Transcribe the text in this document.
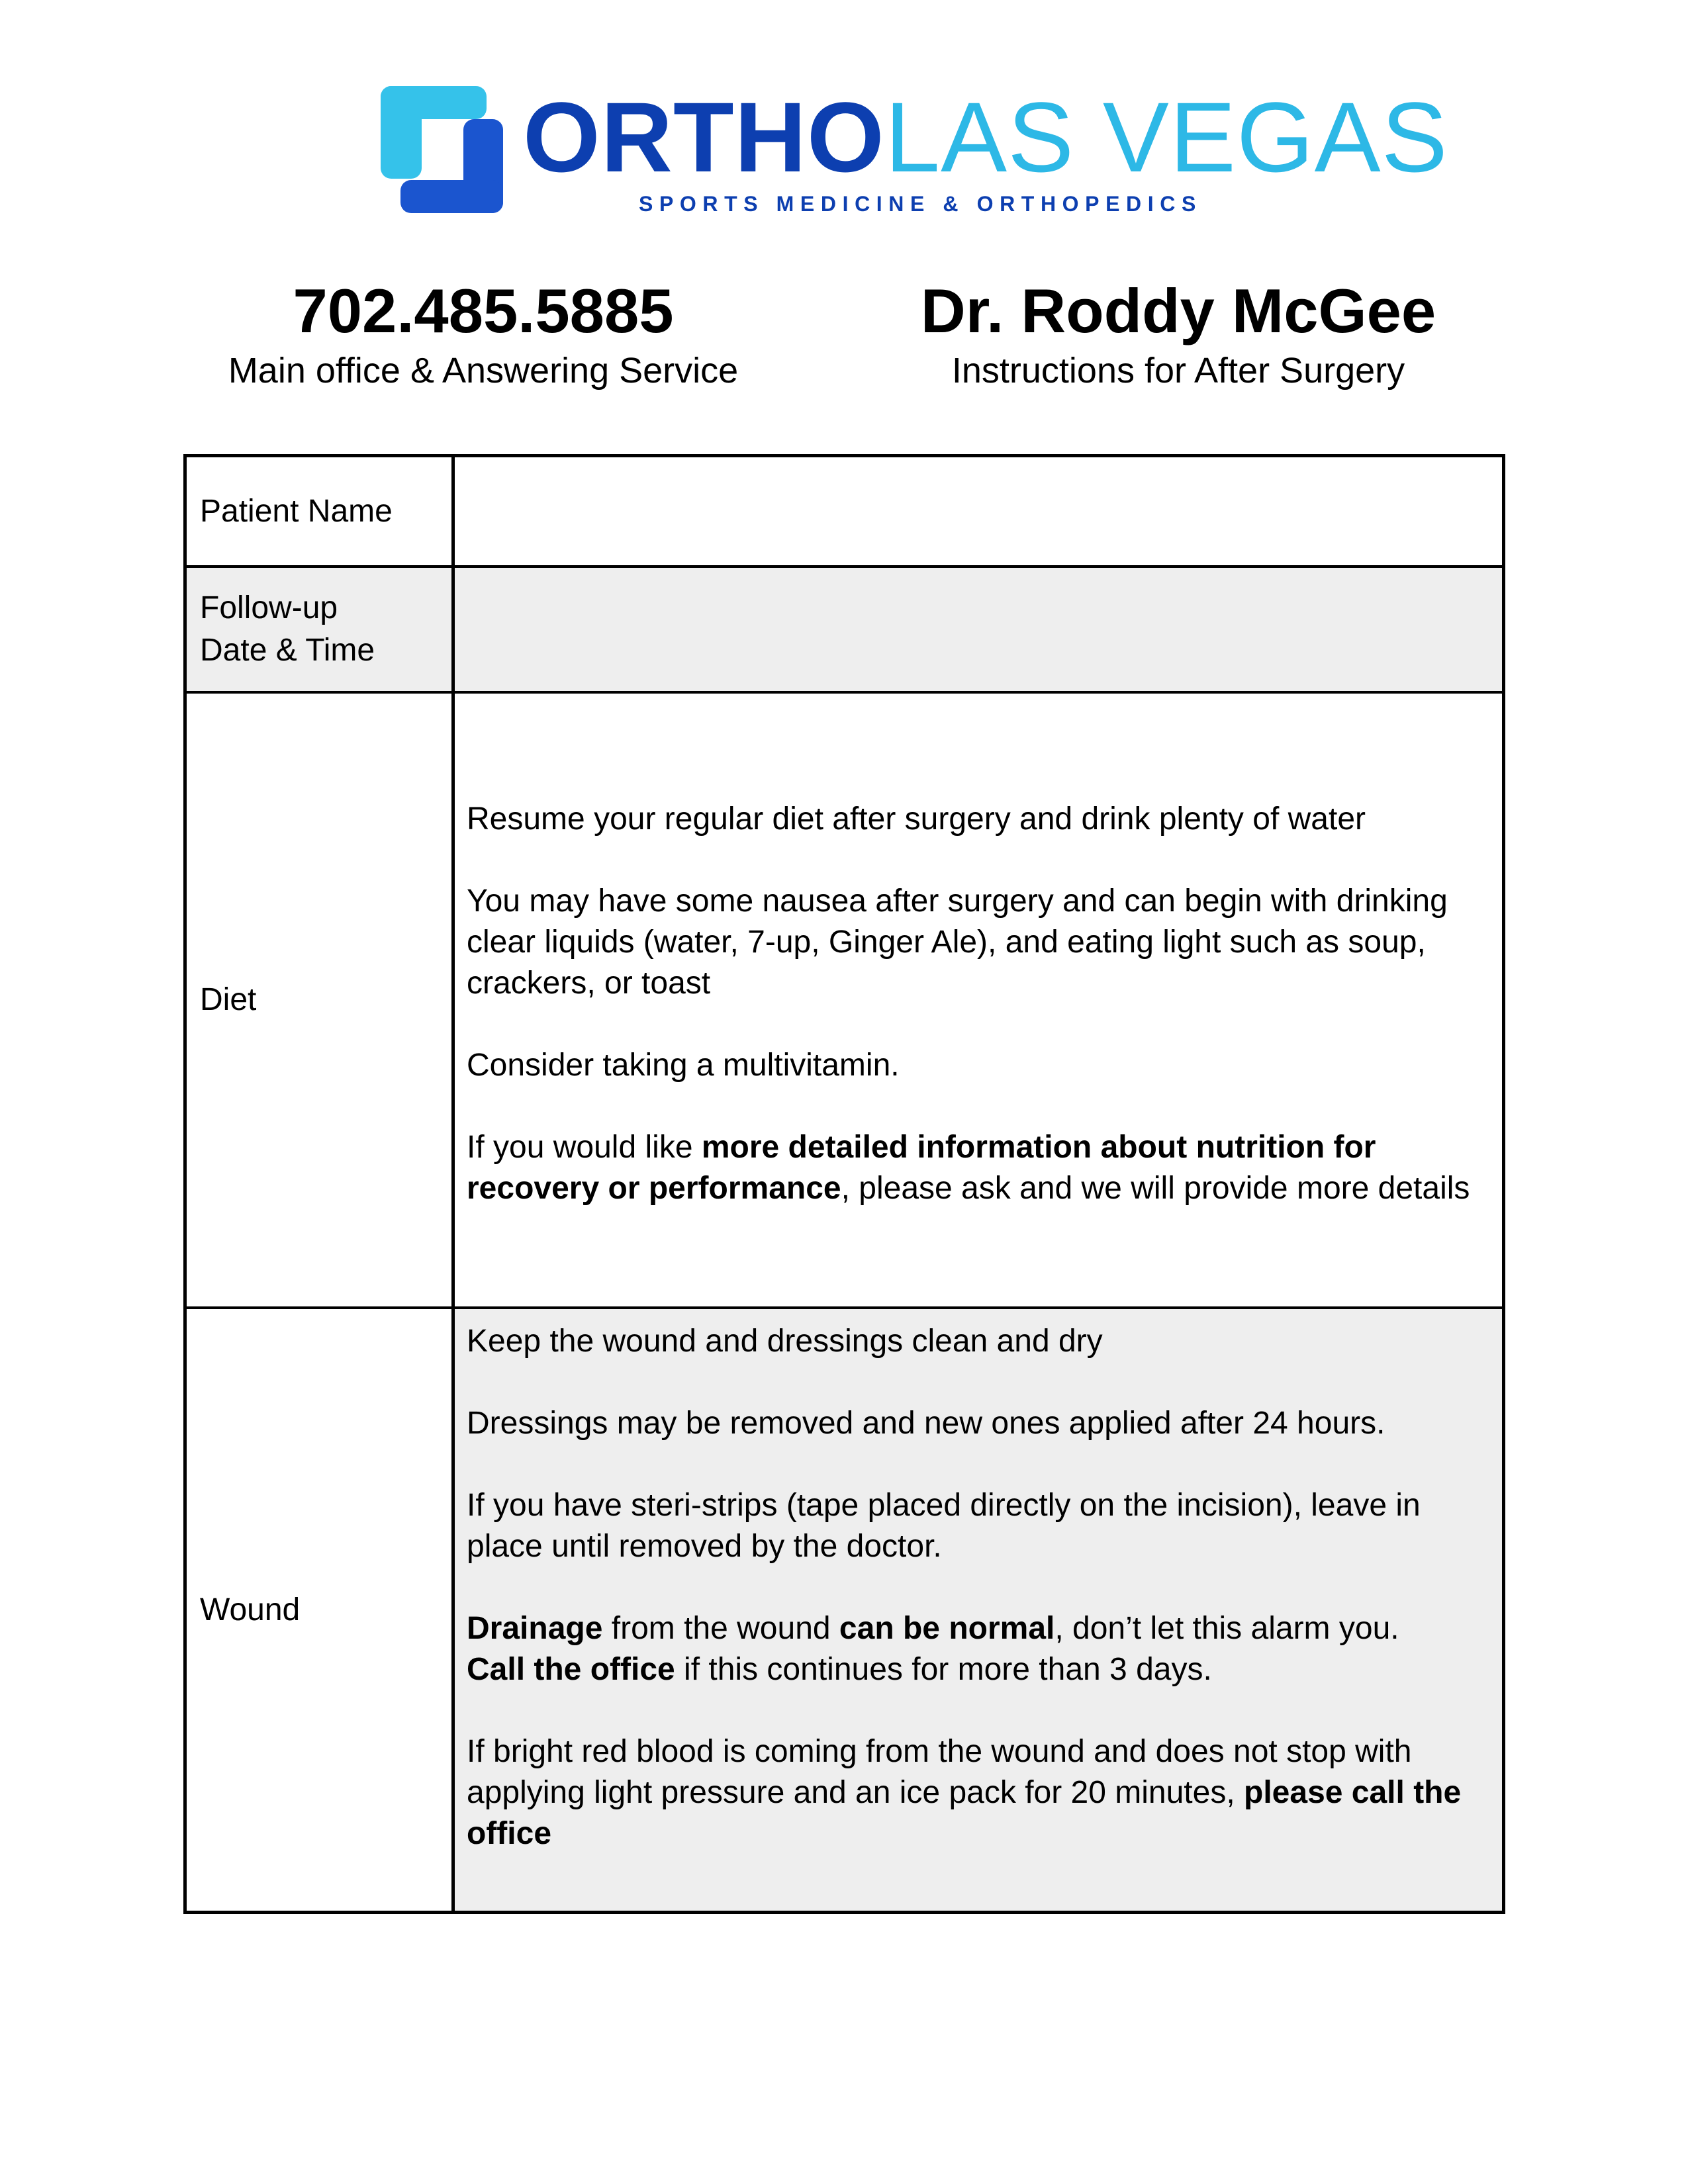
ORTHOLAS VEGAS
SPORTS MEDICINE & ORTHOPEDICS
702.485.5885
Main office & Answering Service
Dr. Roddy McGee
Instructions for After Surgery
Patient Name
Follow-up
Date & Time
Diet

Resume your regular diet after surgery and drink plenty of water

You may have some nausea after surgery and can begin with drinking clear liquids (water, 7-up, Ginger Ale), and eating light such as soup, crackers, or toast

Consider taking a multivitamin.

If you would like more detailed information about nutrition for recovery or performance, please ask and we will provide more details

Wound

Keep the wound and dressings clean and dry

Dressings may be removed and new ones applied after 24 hours.

If you have steri-strips (tape placed directly on the incision), leave in place until removed by the doctor.

Drainage from the wound can be normal, don’t let this alarm you.
Call the office if this continues for more than 3 days.

If bright red blood is coming from the wound and does not stop with applying light pressure and an ice pack for 20 minutes, please call the office
